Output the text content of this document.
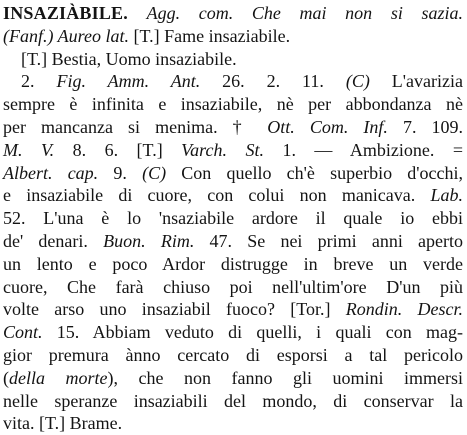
INSAZIÀBILE. Agg. com. Che mai non si sazia.
(Fanf.) Aureo lat. [T.] Fame insaziabile.
[T.] Bestia, Uomo insaziabile.
2. Fig. Amm. Ant. 26. 2. 11. (C) L'avarizia
sempre è infinita e insaziabile, nè per abbondanza nè
per mancanza si menima. † Ott. Com. Inf. 7. 109.
M. V. 8. 6. [T.] Varch. St. 1. — Ambizione. =
Albert. cap. 9. (C) Con quello ch'è superbio d'occhi,
e insaziabile di cuore, con colui non manicava. Lab.
52. L'una è lo 'nsaziabile ardore il quale io ebbi
de' denari. Buon. Rim. 47. Se nei primi anni aperto
un lento e poco Ardor distrugge in breve un verde
cuore, Che farà chiuso poi nell'ultim'ore D'un più
volte arso uno insaziabil fuoco? [Tor.] Rondin. Descr.
Cont. 15. Abbiam veduto di quelli, i quali con mag-
gior premura ànno cercato di esporsi a tal pericolo
(della morte), che non fanno gli uomini immersi
nelle speranze insaziabili del mondo, di conservar la
vita. [T.] Brame.
